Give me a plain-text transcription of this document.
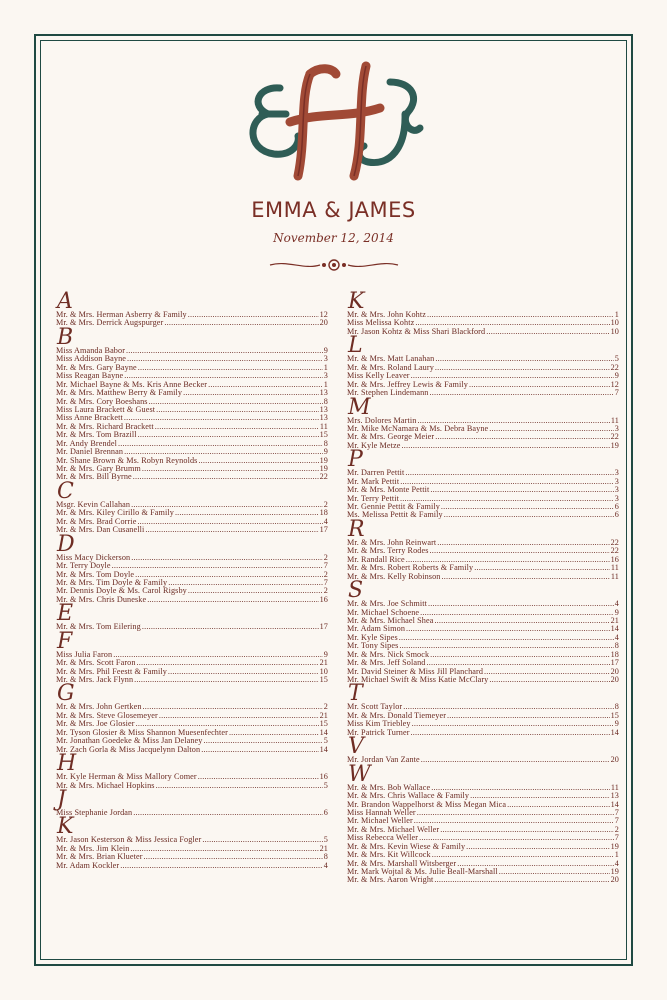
EMMA & JAMES
November 12, 2014
A
Mr. & Mrs. Herman Asberry & Family .....	12
Mr. & Mrs. Derrick Augspurger .....	20
B
Miss Amanda Babor .....	9
Miss Addison Bayne .....	3
Mr. & Mrs. Gary Bayne .....	1
Miss Reagan Bayne .....	3
Mr. Michael Bayne & Ms. Kris Anne Becker .....	1
Mr. & Mrs. Matthew Berry & Family .....	13
Mr. & Mrs. Cory Boeshans .....	8
Miss Laura Brackett & Guest .....	13
Miss Anne Brackett .....	13
Mr. & Mrs. Richard Brackett .....	11
Mr. & Mrs. Tom Brazill .....	15
Mr. Andy Brendel .....	8
Mr. Daniel Brennan .....	9
Mr. Shane Brown & Ms. Robyn Reynolds .....	19
Mr. & Mrs. Gary Brumm .....	19
Mr. & Mrs. Bill Byrne .....	22
C
Msgr. Kevin Callahan .....	2
Mr. & Mrs. Kiley Cirillo & Family .....	18
Mr. & Mrs. Brad Corrie .....	4
Mr. & Mrs. Dan Cusanelli .....	17
D
Miss Macy Dickerson .....	2
Mr. Terry Doyle .....	7
Mr. & Mrs. Tom Doyle .....	2
Mr. & Mrs. Tim Doyle & Family .....	7
Mr. Dennis Doyle & Ms. Carol Rigsby .....	2
Mr. & Mrs. Chris Duneske .....	16
E
Mr. & Mrs. Tom Eilering .....	17
F
Miss Julia Faron .....	9
Mr. & Mrs. Scott Faron .....	21
Mr. & Mrs. Phil Feestt & Family .....	10
Mr. & Mrs. Jack Flynn .....	15
G
Mr. & Mrs. John Gertken .....	2
Mr. & Mrs. Steve Glosemeyer .....	21
Mr. & Mrs. Joe Glosier .....	15
Mr. Tyson Glosier & Miss Shannon Muesenfechter .....	14
Mr. Jonathan Goedeke & Miss Jan Delaney .....	5
Mr. Zach Gorla & Miss Jacquelynn Dalton .....	14
H
Mr. Kyle Herman & Miss Mallory Comer .....	16
Mr. & Mrs. Michael Hopkins .....	5
J
Miss Stephanie Jordan .....	6
K
Mr. Jason Kesterson & Miss Jessica Fogler .....	5
Mr. & Mrs. Jim Klein .....	21
Mr. & Mrs. Brian Klueter .....	8
Mr. Adam Kockler .....	4
K
Mr. & Mrs. John Kohtz .....	1
Miss Melissa Kohtz .....	10
Mr. Jason Kohtz & Miss Shari Blackford .....	10
L
Mr. & Mrs. Matt Lanahan .....	5
Mr. & Mrs. Roland Laury .....	22
Miss Kelly Leaver .....	9
Mr. & Mrs. Jeffrey Lewis & Family .....	12
Mr. Stephen Lindemann .....	7
M
Mrs. Dolores Martin .....	11
Mr. Mike McNamara & Ms. Debra Bayne .....	3
Mr. & Mrs. George Meier .....	22
Mr. Kyle Metze .....	19
P
Mr. Darren Pettit .....	3
Mr. Mark Pettit .....	3
Mr. & Mrs. Monte Pettit .....	3
Mr. Terry Pettit .....	3
Mr. Gennie Pettit & Family .....	6
Ms. Melissa Pettit & Family .....	6
R
Mr. & Mrs. John Reinwart .....	22
Mr. & Mrs. Terry Rodes .....	22
Mr. Randall Rice .....	16
Mr. & Mrs. Robert Roberts & Family .....	11
Mr. & Mrs. Kelly Robinson .....	11
S
Mr. & Mrs. Joe Schmitt .....	4
Mr. Michael Schoene .....	9
Mr. & Mrs. Michael Shea .....	21
Mr. Adam Simon .....	14
Mr. Kyle Sipes .....	4
Mr. Tony Sipes .....	8
Mr. & Mrs. Nick Smock .....	18
Mr. & Mrs. Jeff Soland .....	17
Mr. David Steiner & Miss Jill Planchard .....	20
Mr. Michael Swift & Miss Katie McClary .....	20
T
Mr. Scott Taylor .....	8
Mr. & Mrs. Donald Tiemeyer .....	15
Miss Kim Triebley .....	9
Mr. Patrick Turner .....	14
V
Mr. Jordan Van Zante .....	20
W
Mr. & Mrs. Bob Wallace .....	11
Mr. & Mrs. Chris Wallace & Family .....	13
Mr. Brandon Wappelhorst & Miss Megan Mica .....	14
Miss Hannah Weller .....	7
Mr. Michael Weller .....	7
Mr. & Mrs. Michael Weller .....	2
Miss Rebecca Weller .....	7
Mr. & Mrs. Kevin Wiese & Family .....	19
Mr. & Mrs. Kit Willcock .....	1
Mr. & Mrs. Marshall Witsberger .....	4
Mr. Mark Wojtal & Ms. Julie Beall-Marshall .....	19
Mr. & Mrs. Aaron Wright .....	20
